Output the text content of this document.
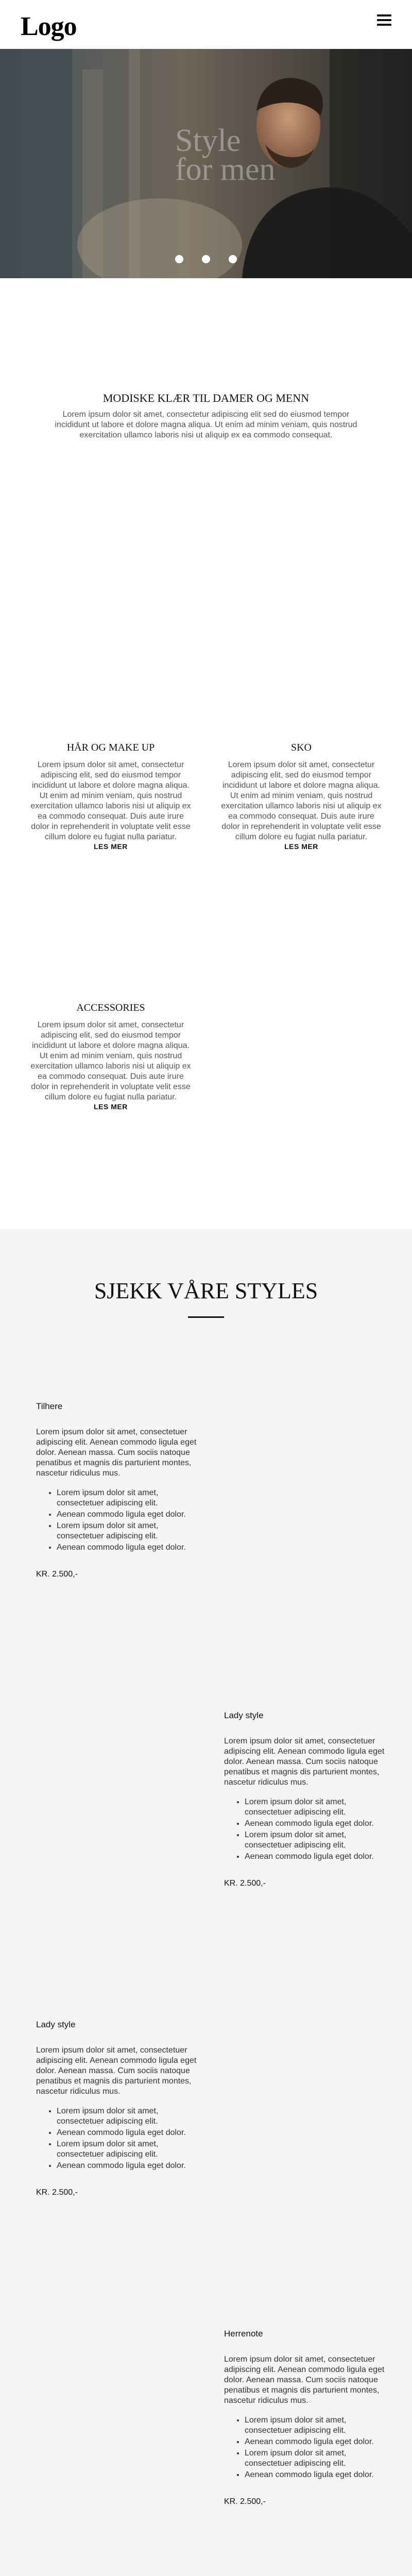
Logo
Style
for men
MODISKE KLÆR TIL DAMER OG MENN
Lorem ipsum dolor sit amet, consectetur adipiscing elit sed do eiusmod tempor incididunt ut labore et dolore magna aliqua. Ut enim ad minim veniam, quis nostrud exercitation ullamco laboris nisi ut aliquip ex ea commodo consequat.
HÅR OG MAKE UP
Lorem ipsum dolor sit amet, consectetur adipiscing elit, sed do eiusmod tempor incididunt ut labore et dolore magna aliqua. Ut enim ad minim veniam, quis nostrud exercitation ullamco laboris nisi ut aliquip ex ea commodo consequat. Duis aute irure dolor in reprehenderit in voluptate velit esse cillum dolore eu fugiat nulla pariatur.
LES MER
SKO
Lorem ipsum dolor sit amet, consectetur adipiscing elit, sed do eiusmod tempor incididunt ut labore et dolore magna aliqua. Ut enim ad minim veniam, quis nostrud exercitation ullamco laboris nisi ut aliquip ex ea commodo consequat. Duis aute irure dolor in reprehenderit in voluptate velit esse cillum dolore eu fugiat nulla pariatur.
LES MER
ACCESSORIES
Lorem ipsum dolor sit amet, consectetur adipiscing elit, sed do eiusmod tempor incididunt ut labore et dolore magna aliqua. Ut enim ad minim veniam, quis nostrud exercitation ullamco laboris nisi ut aliquip ex ea commodo consequat. Duis aute irure dolor in reprehenderit in voluptate velit esse cillum dolore eu fugiat nulla pariatur.
LES MER
SJEKK VÅRE STYLES
Tilhere

Lorem ipsum dolor sit amet, consectetuer adipiscing elit. Aenean commodo ligula eget dolor. Aenean massa. Cum sociis natoque penatibus et magnis dis parturient montes, nascetur ridiculus mus.

• Lorem ipsum dolor sit amet, consectetuer adipiscing elit.
• Aenean commodo ligula eget dolor.
• Lorem ipsum dolor sit amet, consectetuer adipiscing elit.
• Aenean commodo ligula eget dolor.
KR. 2.500,-
Lady style

Lorem ipsum dolor sit amet, consectetuer adipiscing elit. Aenean commodo ligula eget dolor. Aenean massa. Cum sociis natoque penatibus et magnis dis parturient montes, nascetur ridiculus mus.

• Lorem ipsum dolor sit amet, consectetuer adipiscing elit.
• Aenean commodo ligula eget dolor.
• Lorem ipsum dolor sit amet, consectetuer adipiscing elit.
• Aenean commodo ligula eget dolor.
KR. 2.500,-
Lady style

Lorem ipsum dolor sit amet, consectetuer adipiscing elit. Aenean commodo ligula eget dolor. Aenean massa. Cum sociis natoque penatibus et magnis dis parturient montes, nascetur ridiculus mus.

• Lorem ipsum dolor sit amet, consectetuer adipiscing elit.
• Aenean commodo ligula eget dolor.
• Lorem ipsum dolor sit amet, consectetuer adipiscing elit.
• Aenean commodo ligula eget dolor.
KR. 2.500,-
Herrenote

Lorem ipsum dolor sit amet, consectetuer adipiscing elit. Aenean commodo ligula eget dolor. Aenean massa. Cum sociis natoque penatibus et magnis dis parturient montes, nascetur ridiculus mus.

• Lorem ipsum dolor sit amet, consectetuer adipiscing elit.
• Aenean commodo ligula eget dolor.
• Lorem ipsum dolor sit amet, consectetuer adipiscing elit.
• Aenean commodo ligula eget dolor.
KR. 2.500,-
